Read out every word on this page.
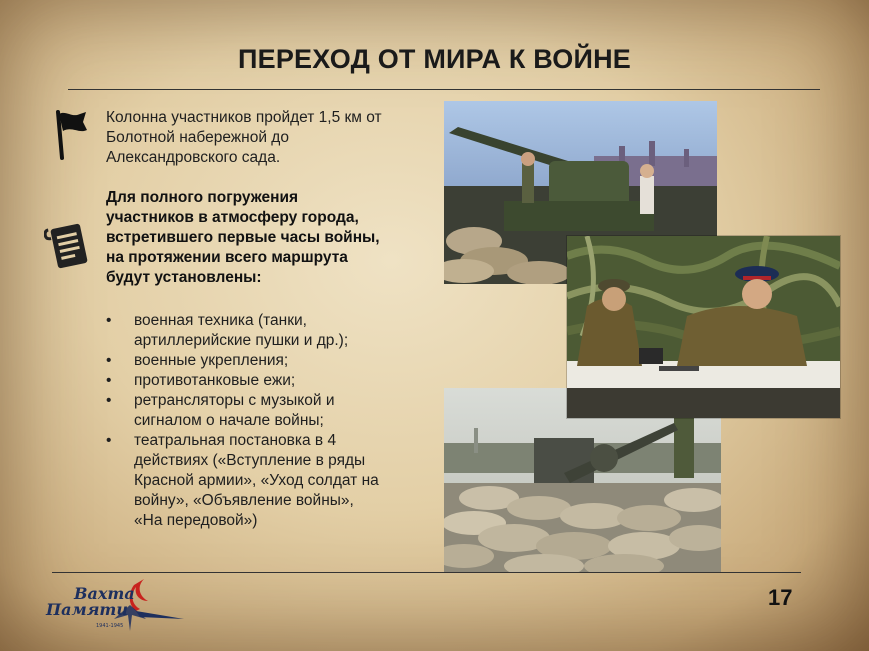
ПЕРЕХОД ОТ МИРА К ВОЙНЕ
Колонна участников пройдет 1,5 км от
Болотной набережной до
Александровского сада.
Для полного погружения
участников в атмосферу города,
встретившего первые часы войны,
на протяжении всего маршрута
будут установлены:
• военная техника (танки,
артиллерийские пушки и др.);
• военные укрепления;
• противотанковые ежи;
• ретрансляторы с музыкой и
сигналом о начале войны;
• театральная постановка в 4
действиях («Вступление в ряды
Красной армии», «Уход солдат на
войну», «Объявление войны»,
«На передовой»)
Вахта
Памяти
1941-1945
17
